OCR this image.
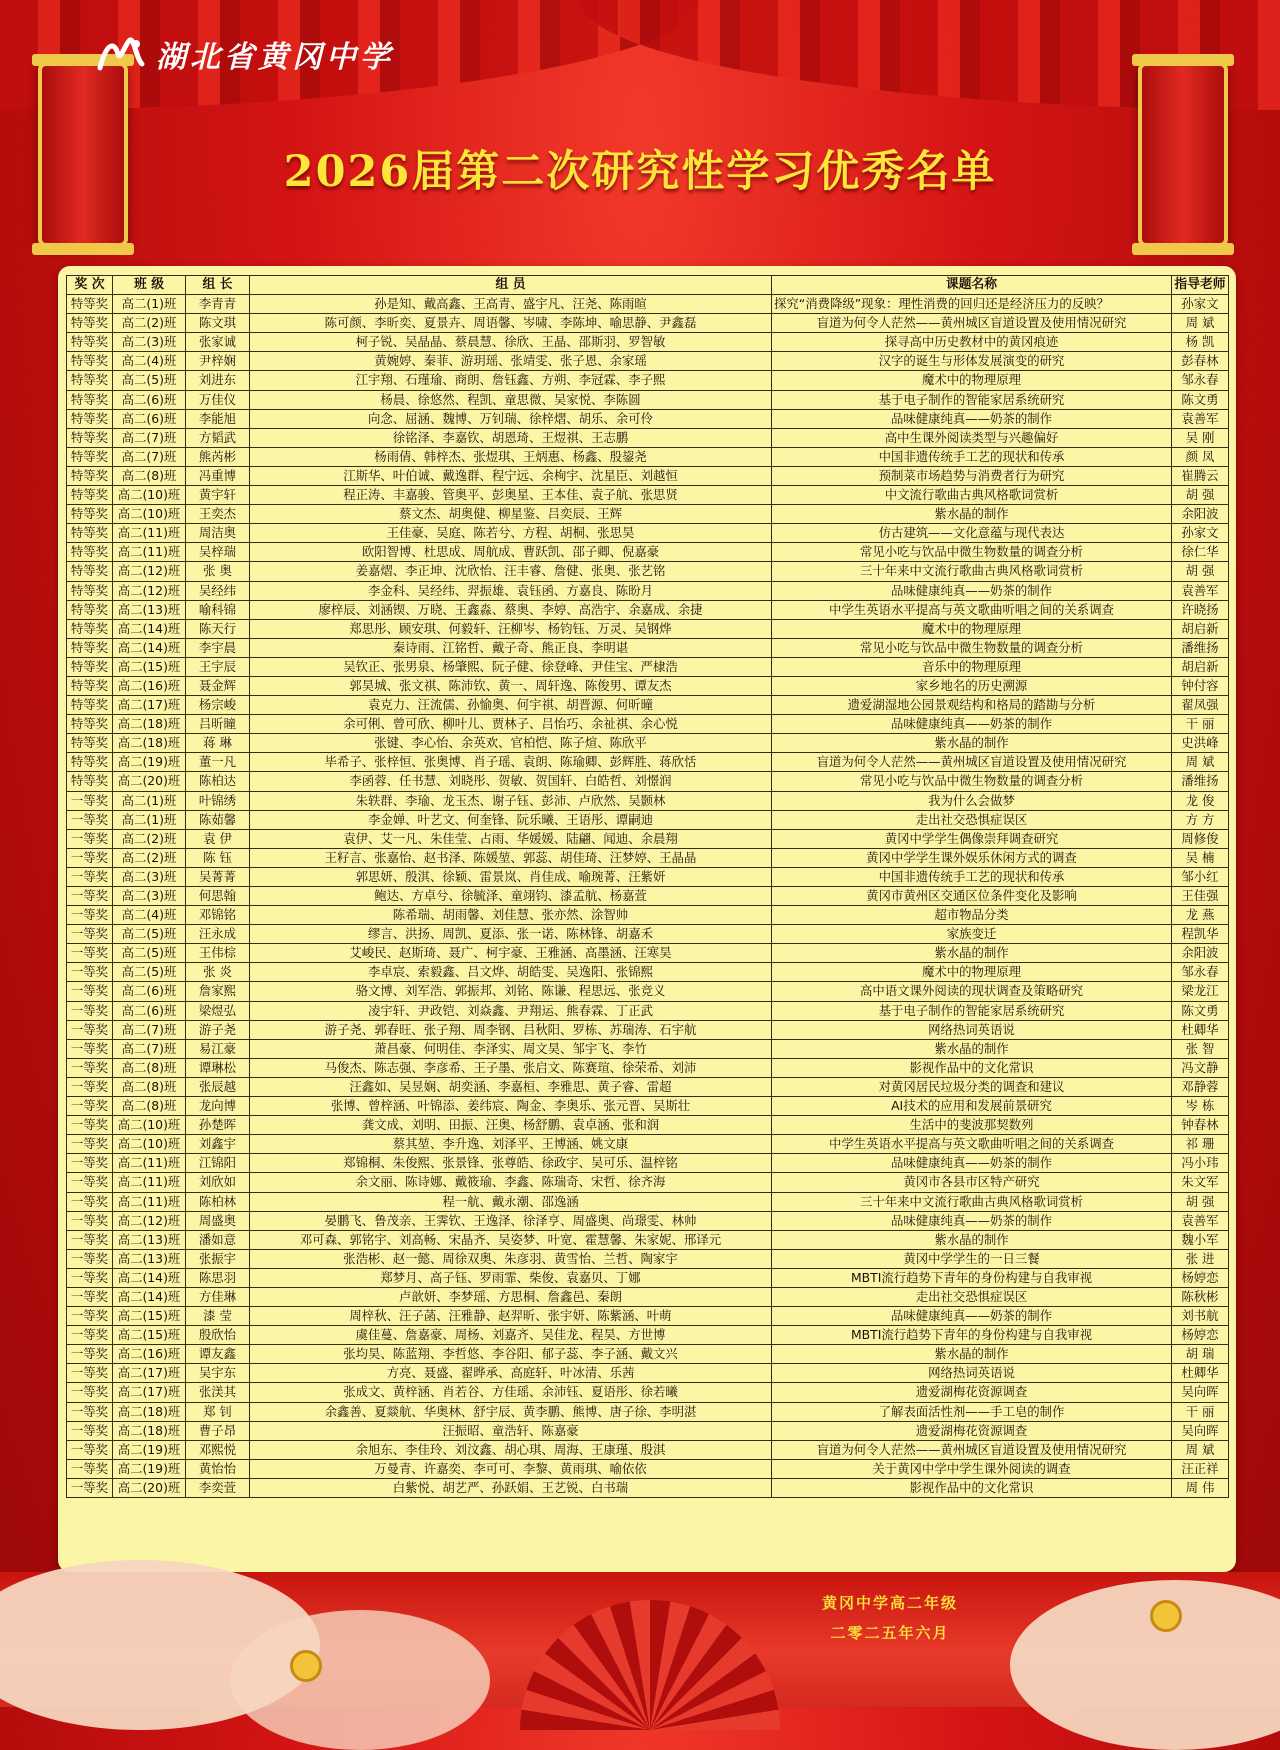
湖北省黄冈中学
2026届第二次研究性学习优秀名单
奖 次	班 级	组 长	组 员	课题名称	指导老师
特等奖	高二(1)班	李青青	孙是知、戴高鑫、王高青、盛宇凡、汪尧、陈雨暄	探究“消费降级”现象：理性消费的回归还是经济压力的反映？	孙家文
特等奖	高二(2)班	陈文琪	陈可颜、李昕奕、夏景卉、周语馨、岑啸、李陈坤、喻思静、尹鑫磊	盲道为何令人茫然——黄州城区盲道设置及使用情况研究	周 斌
特等奖	高二(3)班	张家诚	柯子锐、吴晶晶、蔡晨慧、徐欣、王晶、邵斯羽、罗智敏	探寻高中历史教材中的黄冈痕迹	杨 凯
特等奖	高二(4)班	尹梓娴	黄婉婷、秦菲、游玥瑶、张靖雯、张子恩、余家瑶	汉字的诞生与形体发展演变的研究	彭春林
特等奖	高二(5)班	刘进东	江宇翔、石瑾瑜、商朗、詹钰鑫、方朔、李冠霖、李子熙	魔术中的物理原理	邹永春
特等奖	高二(6)班	万佳仪	杨晨、徐悠然、程凯、童思微、吴家悦、李陈圆	基于电子制作的智能家居系统研究	陈文勇
特等奖	高二(6)班	李能旭	向念、屈涵、魏博、万钊瑞、徐梓熠、胡乐、余可伶	品味健康纯真——奶茶的制作	袁善军
特等奖	高二(7)班	方韬武	徐铭泽、李嘉钦、胡恩琦、王煜祺、王志鹏	高中生课外阅读类型与兴趣偏好	吴 刚
特等奖	高二(7)班	熊芮彬	杨雨倩、韩梓杰、张煜琪、王炳惠、杨鑫、殷鋆尧	中国非遗传统手工艺的现状和传承	颜 凤
特等奖	高二(8)班	冯重博	江斯华、叶伯诚、戴逸群、程宁远、余栒宇、沈星臣、刘越恒	预制菜市场趋势与消费者行为研究	崔腾云
特等奖	高二(10)班	黄宇轩	程正涛、丰嘉骏、管奥平、彭奥星、王本佳、袁子航、张思贤	中文流行歌曲古典风格歌词赏析	胡 强
特等奖	高二(10)班	王奕杰	蔡文杰、胡奥健、柳星鉴、吕奕辰、王辉	紫水晶的制作	余阳波
特等奖	高二(11)班	周洁奥	王佳豪、吴庭、陈若兮、方程、胡桐、张思昊	仿古建筑——文化意蕴与现代表达	孙家文
特等奖	高二(11)班	吴梓瑞	欧阳智博、杜思成、周航成、曹跃凯、邵子卿、倪嘉豪	常见小吃与饮品中微生物数量的调查分析	徐仁华
特等奖	高二(12)班	张 奥	姜嘉熠、李正坤、沈欣怡、汪丰睿、詹健、张奥、张艺铭	三十年来中文流行歌曲古典风格歌词赏析	胡 强
特等奖	高二(12)班	吴经纬	李金科、吴经纬、羿振雄、袁钰函、方嘉良、陈盼月	品味健康纯真——奶茶的制作	袁善军
特等奖	高二(13)班	喻科锦	廖梓辰、刘涵锲、万晓、王鑫淼、蔡奥、李婷、高浩宇、余嘉成、余捷	中学生英语水平提高与英文歌曲听唱之间的关系调查	许晓扬
特等奖	高二(14)班	陈天行	郑思彤、顾安琪、何毅轩、汪柳岑、杨钧钰、万灵、吴钢烨	魔术中的物理原理	胡启新
特等奖	高二(14)班	李宇晨	秦诗雨、江铭哲、戴子奇、熊正良、李明谌	常见小吃与饮品中微生物数量的调查分析	潘维扬
特等奖	高二(15)班	王宇辰	吴钦正、张男泉、杨肇熙、阮子健、徐登峰、尹佳宝、严棣浩	音乐中的物理原理	胡启新
特等奖	高二(16)班	聂金辉	郭昊城、张文祺、陈沛钦、黄一、周轩逸、陈俊男、谭友杰	家乡地名的历史溯源	钟付容
特等奖	高二(17)班	杨宗峻	袁克力、汪流儒、孙愉奥、何宇祺、胡晋源、何昕曈	遗爱湖湿地公园景观结构和格局的踏勘与分析	翟凤强
特等奖	高二(18)班	吕昕瞳	余可俐、曾可欣、柳叶儿、贾林子、吕怡巧、余祉祺、余心悦	品味健康纯真——奶茶的制作	干 丽
特等奖	高二(18)班	蒋 琳	张键、李心怡、余英欢、官柏恺、陈子煊、陈欣平	紫水晶的制作	史洪峰
特等奖	高二(19)班	董一凡	毕希子、张梓恒、张奥博、肖子瑶、袁朗、陈瑜卿、彭辉胜、蒋欣恬	盲道为何令人茫然——黄州城区盲道设置及使用情况研究	周 斌
特等奖	高二(20)班	陈柏达	李函蓉、任书慧、刘晓彤、贺敏、贺国轩、白皓哲、刘憬润	常见小吃与饮品中微生物数量的调查分析	潘维扬
一等奖	高二(1)班	叶锦绣	朱轶群、李瑜、龙玉杰、谢子钰、彭沛、卢欣然、吴颢林	我为什么会做梦	龙 俊
一等奖	高二(1)班	陈茹馨	李金婵、叶艺文、何奎锋、阮乐曦、王语彤、谭嗣迪	走出社交恐惧症误区	方 方
一等奖	高二(2)班	袁 伊	袁伊、艾一凡、朱佳莹、占雨、华媛媛、陆翩、闻迪、余晨翔	黄冈中学学生偶像崇拜调查研究	周修俊
一等奖	高二(2)班	陈 钰	王籽言、张嘉怡、赵书泽、陈媛堃、郭蕊、胡佳琦、汪梦婷、王晶晶	黄冈中学学生课外娱乐休闲方式的调查	吴 楠
一等奖	高二(3)班	吴菁菁	郭思妍、殷淇、徐颖、雷景岚、肖佳成、喻琬菁、汪紫妍	中国非遗传统手工艺的现状和传承	邹小红
一等奖	高二(3)班	何思翰	鲍达、方卓兮、徐毓泽、童翊钧、漆孟航、杨嘉萱	黄冈市黄州区交通区位条件变化及影响	王佳强
一等奖	高二(4)班	邓锦铭	陈希瑞、胡雨馨、刘佳慧、张亦然、涂智帅	超市物品分类	龙 燕
一等奖	高二(5)班	汪永成	缪言、洪扬、周凯、夏添、张一诺、陈林锋、胡嘉禾	家族变迁	程凯华
一等奖	高二(5)班	王伟棕	艾峻民、赵斯琦、聂广、柯宇豪、王雅涵、高墨涵、汪寒昊	紫水晶的制作	余阳波
一等奖	高二(5)班	张 炎	李卓宸、索毅鑫、吕文烨、胡皓雯、吴逸阳、张锦熙	魔术中的物理原理	邹永春
一等奖	高二(6)班	詹家熙	骆文博、刘军浩、郭振邦、刘铭、陈谦、程思远、张竞义	高中语文课外阅读的现状调查及策略研究	梁龙江
一等奖	高二(6)班	梁煜弘	凌宇轩、尹政铠、刘焱鑫、尹翔运、熊春霖、丁正武	基于电子制作的智能家居系统研究	陈文勇
一等奖	高二(7)班	游子尧	游子尧、郭春旺、张子翔、周李钢、吕秋阳、罗栋、苏瑞涛、石宇航	网络热词英语说	杜卿华
一等奖	高二(7)班	易江豪	萧昌豪、何明佳、李泽实、周文昊、邹宇飞、李竹	紫水晶的制作	张 智
一等奖	高二(8)班	谭琳松	马俊杰、陈志强、李彦希、王子墨、张启文、陈赛瑄、徐荣希、刘沛	影视作品中的文化常识	冯文静
一等奖	高二(8)班	张辰越	汪鑫如、吴昱娴、胡奕涵、李嘉桓、李雅思、黄子睿、雷超	对黄冈居民垃圾分类的调查和建议	邓静蓉
一等奖	高二(8)班	龙向博	张博、曾梓涵、叶锦添、姜纬宸、陶金、李奥乐、张元晋、吴斯壮	AI技术的应用和发展前景研究	岑 栋
一等奖	高二(10)班	孙楚晖	龚文成、刘明、田振、汪奥、杨舒鹏、袁卓涵、张和润	生活中的斐波那契数列	钟春林
一等奖	高二(10)班	刘鑫宇	蔡其堃、李升逸、刘泽平、王博涵、姚文康	中学生英语水平提高与英文歌曲听唱之间的关系调查	祁 珊
一等奖	高二(11)班	江锦阳	郑锦桐、朱俊熙、张景锋、张尊皓、徐政宇、吴可乐、温梓铭	品味健康纯真——奶茶的制作	冯小玮
一等奖	高二(11)班	刘欣如	余文丽、陈诗娜、戴筱瑜、李鑫、陈瑞奇、宋哲、徐齐海	黄冈市各县市区特产研究	朱文军
一等奖	高二(11)班	陈柏林	程一航、戴永潮、邵逸涵	三十年来中文流行歌曲古典风格歌词赏析	胡 强
一等奖	高二(12)班	周盛奥	晏鹏飞、鲁茂亲、王霁钦、王逸泽、徐泽亨、周盛奥、尚璟雯、林帅	品味健康纯真——奶茶的制作	袁善军
一等奖	高二(13)班	潘如意	邓可森、郭铭宇、刘高畅、宋晶齐、吴姿梦、叶宽、霍慧馨、朱家妮、邢译元	紫水晶的制作	魏小军
一等奖	高二(13)班	张振宇	张浩彬、赵一懿、周徐双奥、朱彦羽、黄雪怡、兰哲、陶家宇	黄冈中学学生的一日三餐	张 进
一等奖	高二(14)班	陈思羽	郑梦月、高子钰、罗雨霏、柴俊、袁嘉贝、丁娜	MBTI流行趋势下青年的身份构建与自我审视	杨婷恋
一等奖	高二(14)班	方佳琳	卢歆妍、李梦瑶、方思桐、詹鑫邑、秦朗	走出社交恐惧症误区	陈秋彬
一等奖	高二(15)班	漆 莹	周梓秋、汪子菡、汪雅静、赵羿昕、张宇妍、陈紫涵、叶萌	品味健康纯真——奶茶的制作	刘书航
一等奖	高二(15)班	殷欣怡	虞佳蔓、詹嘉豪、周杨、刘嘉齐、吴佳龙、程昊、方世博	MBTI流行趋势下青年的身份构建与自我审视	杨婷恋
一等奖	高二(16)班	谭友鑫	张均昊、陈蓝翔、李哲悠、李谷阳、郁子蕊、李子涵、戴文兴	紫水晶的制作	胡 瑞
一等奖	高二(17)班	吴宇东	方亮、聂盛、翟晔承、高庭轩、叶冰清、乐茜	网络热词英语说	杜卿华
一等奖	高二(17)班	张渼其	张成文、黄梓涵、肖若谷、方佳瑶、余沛钰、夏语彤、徐若曦	遗爱湖梅花资源调查	吴向晖
一等奖	高二(18)班	郑 钊	余鑫善、夏燚航、华奥林、舒宇辰、黄李鹏、熊博、唐子徐、李明湛	了解表面活性剂——手工皂的制作	干 丽
一等奖	高二(18)班	曹子昂	汪振昭、童浩轩、陈嘉豪	遗爱湖梅花资源调查	吴向晖
一等奖	高二(19)班	邓熙悦	余旭东、李佳玲、刘汶鑫、胡心琪、周海、王康瑾、殷淇	盲道为何令人茫然——黄州城区盲道设置及使用情况研究	周 斌
一等奖	高二(19)班	黄怡怡	万曼青、许嘉奕、李可可、李黎、黄雨琪、喻依依	关于黄冈中学中学生课外阅读的调查	汪正祥
一等奖	高二(20)班	李奕萱	白紫悦、胡艺严、孙跃娟、王艺锐、白书瑞	影视作品中的文化常识	周 伟
黄冈中学高二年级
二零二五年六月
